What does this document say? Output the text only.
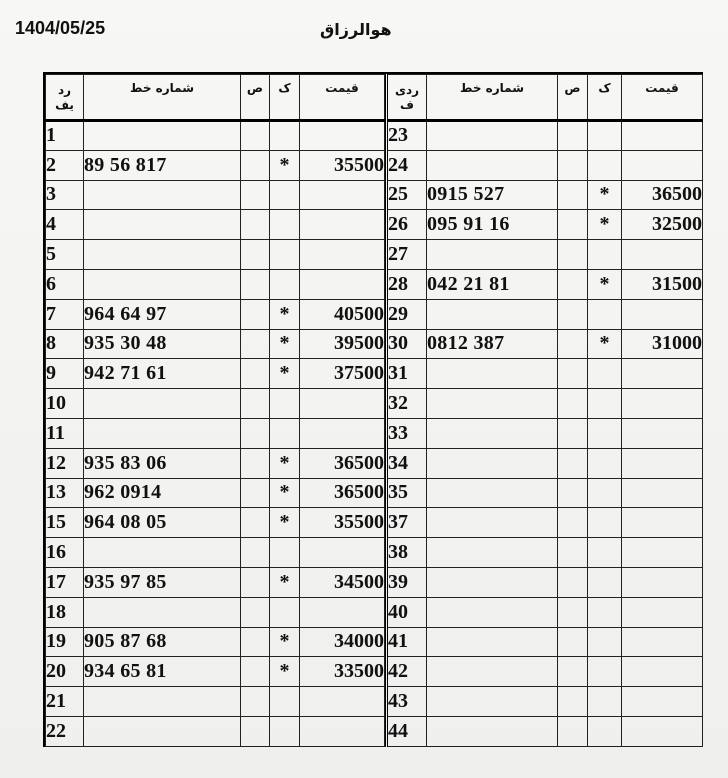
1404/05/25	هوالرزاق
رد
یف	شماره خط	ص	ک	قیمت
1				
2	89 56 817		*	35500
3				
4				
5				
6				
7	964 64 97		*	40500
8	935 30 48		*	39500
9	942 71 61		*	37500
10				
11				
12	935 83 06		*	36500
13	962 0914		*	36500
15	964 08 05		*	35500
16				
17	935 97 85		*	34500
18				
19	905 87 68		*	34000
20	934 65 81		*	33500
21				
22				
ردی
ف	شماره خط	ص	ک	قیمت
23				
24				
25	0915 527		*	36500
26	095 91 16		*	32500
27				
28	042 21 81		*	31500
29				
30	0812 387		*	31000
31				
32				
33				
34				
35				
37				
38				
39				
40				
41				
42				
43				
44				
